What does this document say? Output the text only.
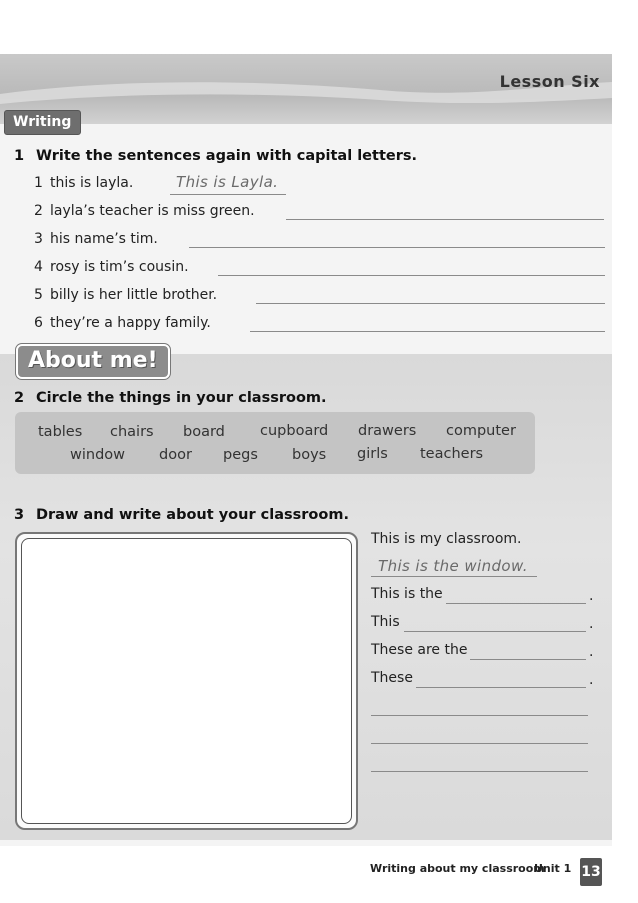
Lesson Six
Writing
1 Write the sentences again with capital letters.
1 this is layla.	This is Layla.
2 layla’s teacher is miss green.
3 his name’s tim.
4 rosy is tim’s cousin.
5 billy is her little brother.
6 they’re a happy family.
About me!
2 Circle the things in your classroom.
tables chairs board cupboard drawers computer
window door pegs boys girls teachers
3 Draw and write about your classroom.
This is my classroom.
This is the window.
This is the	.
This	.
These are the	.
These	.
Writing about my classroom
Unit 1 13
